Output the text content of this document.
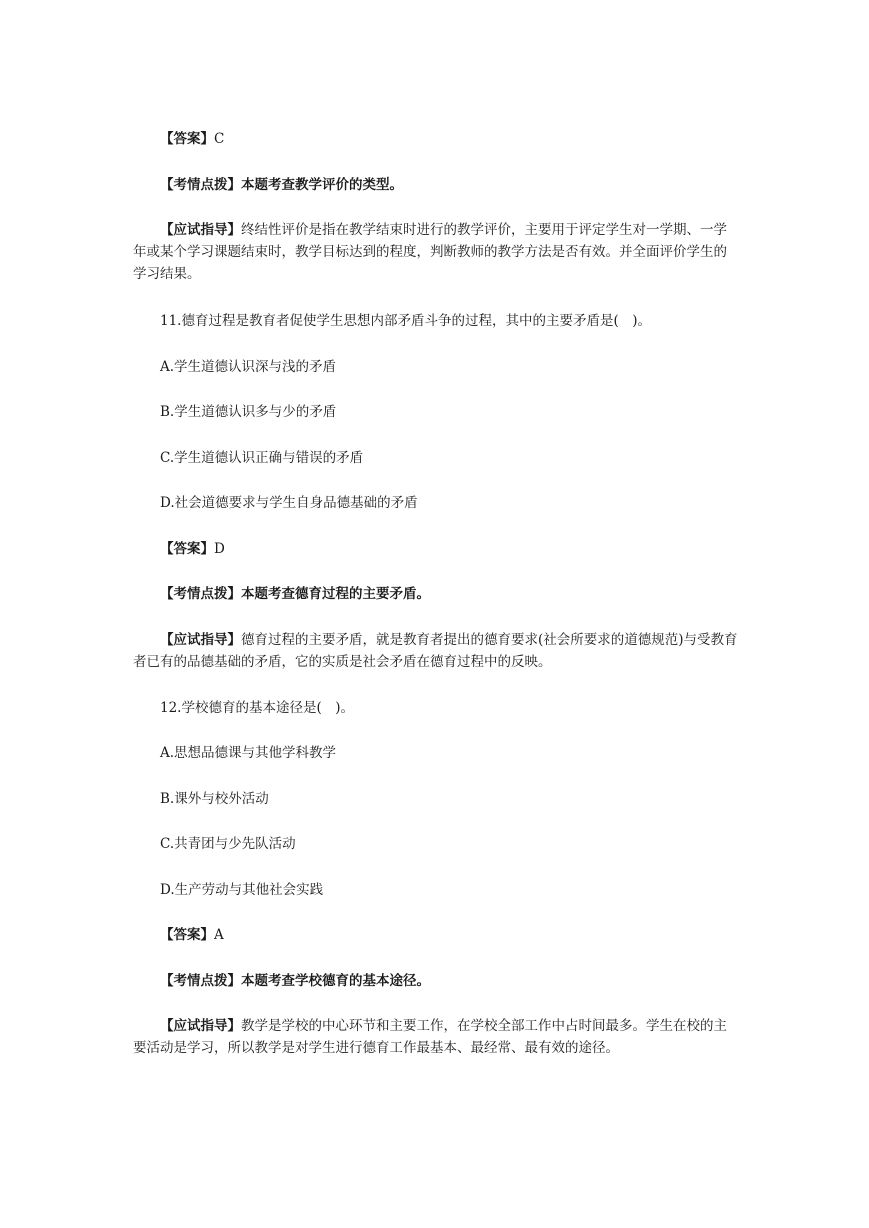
【答案】C
【考情点拨】本题考查教学评价的类型。
【应试指导】终结性评价是指在教学结束时进行的教学评价，主要用于评定学生对一学期、一学年或某个学习课题结束时，教学目标达到的程度，判断教师的教学方法是否有效。并全面评价学生的学习结果。
11.德育过程是教育者促使学生思想内部矛盾斗争的过程，其中的主要矛盾是(　)。
A.学生道德认识深与浅的矛盾
B.学生道德认识多与少的矛盾
C.学生道德认识正确与错误的矛盾
D.社会道德要求与学生自身品德基础的矛盾
【答案】D
【考情点拨】本题考查德育过程的主要矛盾。
【应试指导】德育过程的主要矛盾，就是教育者提出的德育要求(社会所要求的道德规范)与受教育者已有的品德基础的矛盾，它的实质是社会矛盾在德育过程中的反映。
12.学校德育的基本途径是(　)。
A.思想品德课与其他学科教学
B.课外与校外活动
C.共青团与少先队活动
D.生产劳动与其他社会实践
【答案】A
【考情点拨】本题考查学校德育的基本途径。
【应试指导】教学是学校的中心环节和主要工作，在学校全部工作中占时间最多。学生在校的主要活动是学习，所以教学是对学生进行德育工作最基本、最经常、最有效的途径。
